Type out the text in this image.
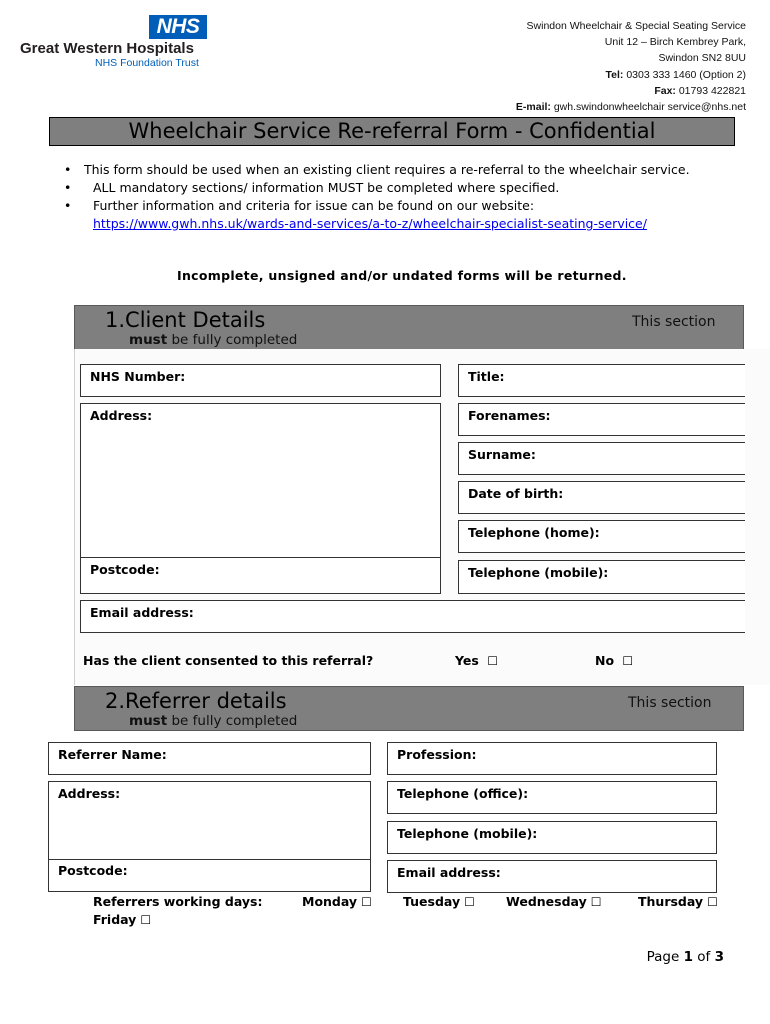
NHS
Great Western Hospitals
NHS Foundation Trust
Swindon Wheelchair & Special Seating Service
Unit 12 – Birch Kembrey Park,
Swindon SN2 8UU
Tel: 0303 333 1460 (Option 2)
Fax: 01793 422821
E-mail: gwh.swindonwheelchair service@nhs.net
Wheelchair Service Re-referral Form - Confidential
•	This form should be used when an existing client requires a re-referral to the wheelchair service.
• ALL mandatory sections/ information MUST be completed where specified.
• Further information and criteria for issue can be found on our website:
https://www.gwh.nhs.uk/wards-and-services/a-to-z/wheelchair-specialist-seating-service/
Incomplete, unsigned and/or undated forms will be returned.
1.Client Details	This section
must be fully completed
NHS Number:	Title:
Address:
Postcode:
Forenames:
Surname:
Date of birth:
Telephone (home):
Telephone (mobile):
Email address:
Has the client consented to this referral?	Yes ☐	No ☐
2.Referrer details	This section
must be fully completed
Referrer Name:	Profession:
Address:
Postcode:
Telephone (office):
Telephone (mobile):
Email address:
Referrers working days:	Monday ☐ Tuesday ☐ Wednesday ☐	Thursday ☐
Friday ☐
Page 1 of 3
